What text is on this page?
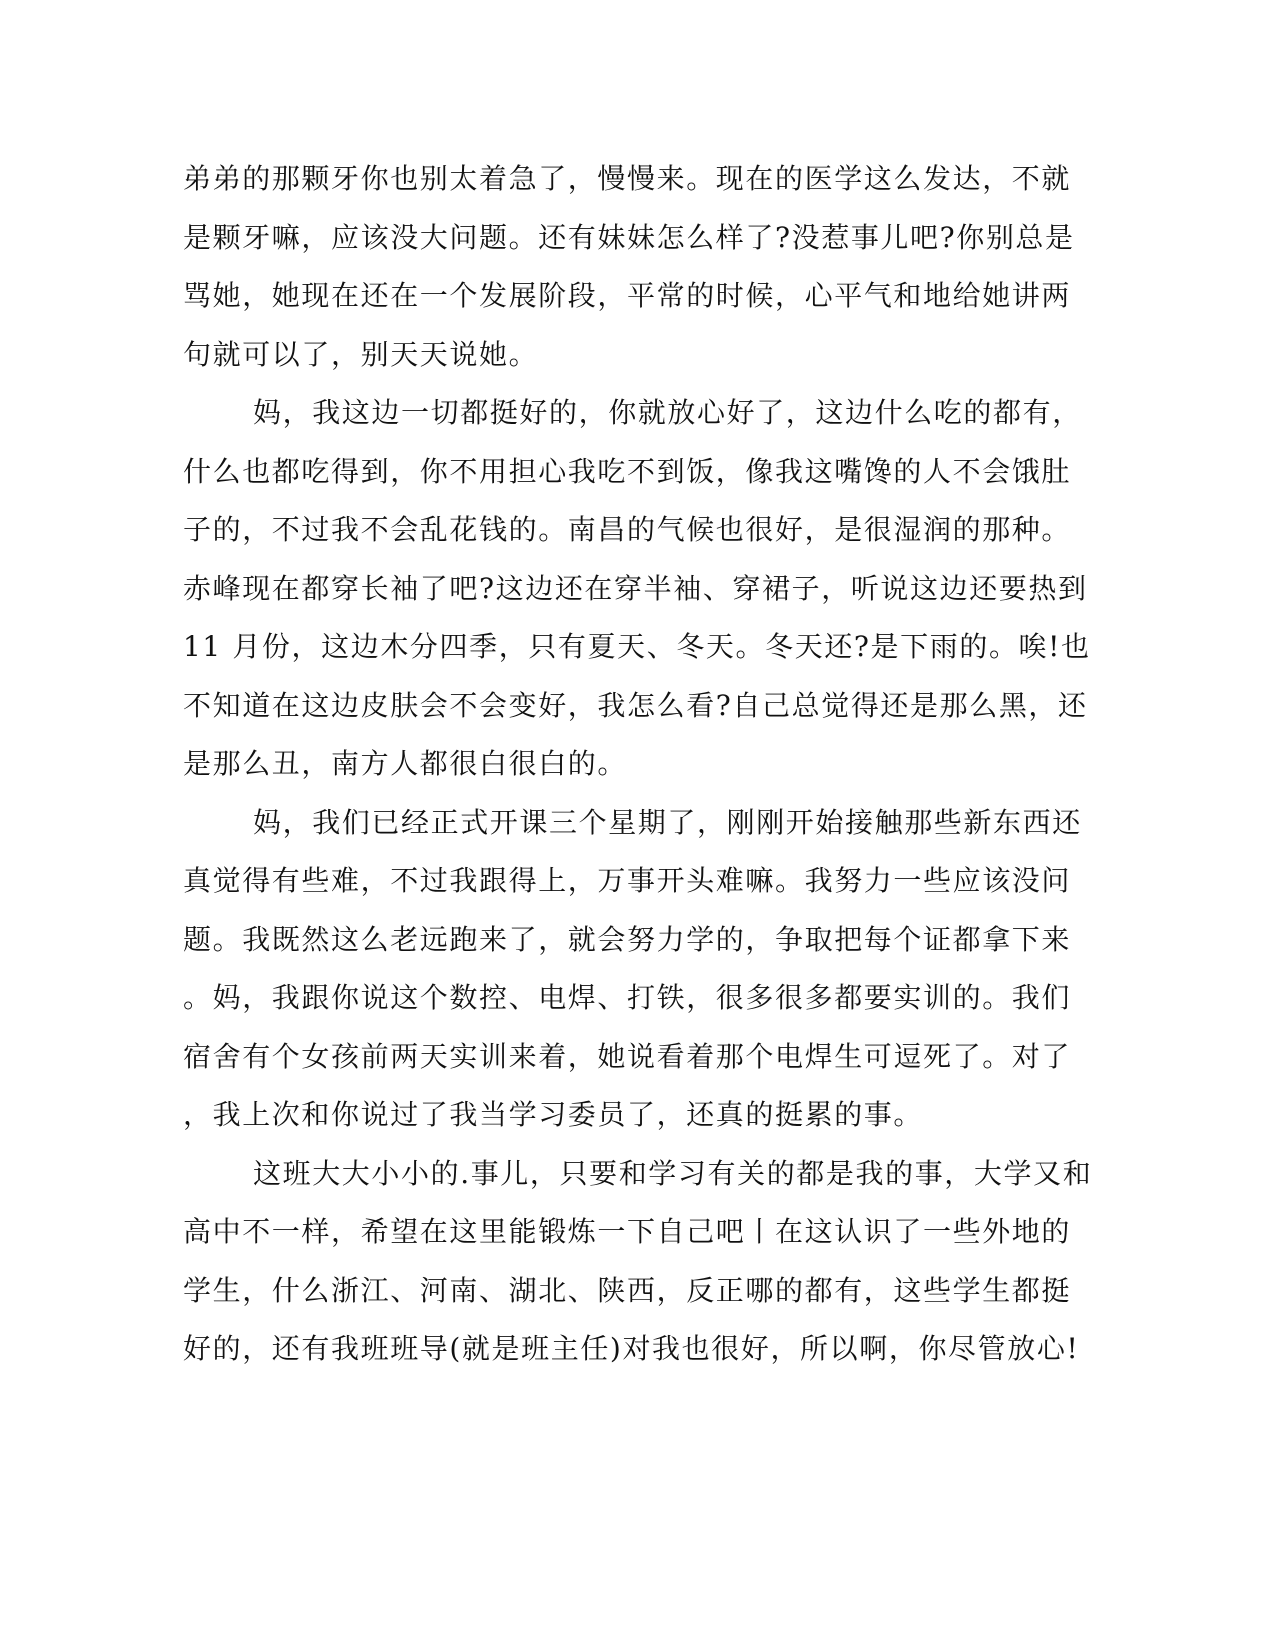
弟弟的那颗牙你也别太着急了，慢慢来。现在的医学这么发达，不就
是颗牙嘛，应该没大问题。还有妹妹怎么样了?没惹事儿吧?你别总是
骂她，她现在还在一个发展阶段，平常的时候，心平气和地给她讲两
句就可以了，别天天说她。
妈，我这边一切都挺好的，你就放心好了，这边什么吃的都有，
什么也都吃得到，你不用担心我吃不到饭，像我这嘴馋的人不会饿肚
子的，不过我不会乱花钱的。南昌的气候也很好，是很湿润的那种。
赤峰现在都穿长袖了吧?这边还在穿半袖、穿裙子，听说这边还要热到
11 月份，这边木分四季，只有夏天、冬天。冬天还?是下雨的。唉!也
不知道在这边皮肤会不会变好，我怎么看?自己总觉得还是那么黑，还
是那么丑，南方人都很白很白的。
妈，我们已经正式开课三个星期了，刚刚开始接触那些新东西还
真觉得有些难，不过我跟得上，万事开头难嘛。我努力一些应该没问
题。我既然这么老远跑来了，就会努力学的，争取把每个证都拿下来
。妈，我跟你说这个数控、电焊、打铁，很多很多都要实训的。我们
宿舍有个女孩前两天实训来着，她说看着那个电焊生可逗死了。对了
，我上次和你说过了我当学习委员了，还真的挺累的事。
这班大大小小的.事儿，只要和学习有关的都是我的事，大学又和
高中不一样，希望在这里能锻炼一下自己吧丨在这认识了一些外地的
学生，什么浙江、河南、湖北、陕西，反正哪的都有，这些学生都挺
好的，还有我班班导(就是班主任)对我也很好，所以啊，你尽管放心!
